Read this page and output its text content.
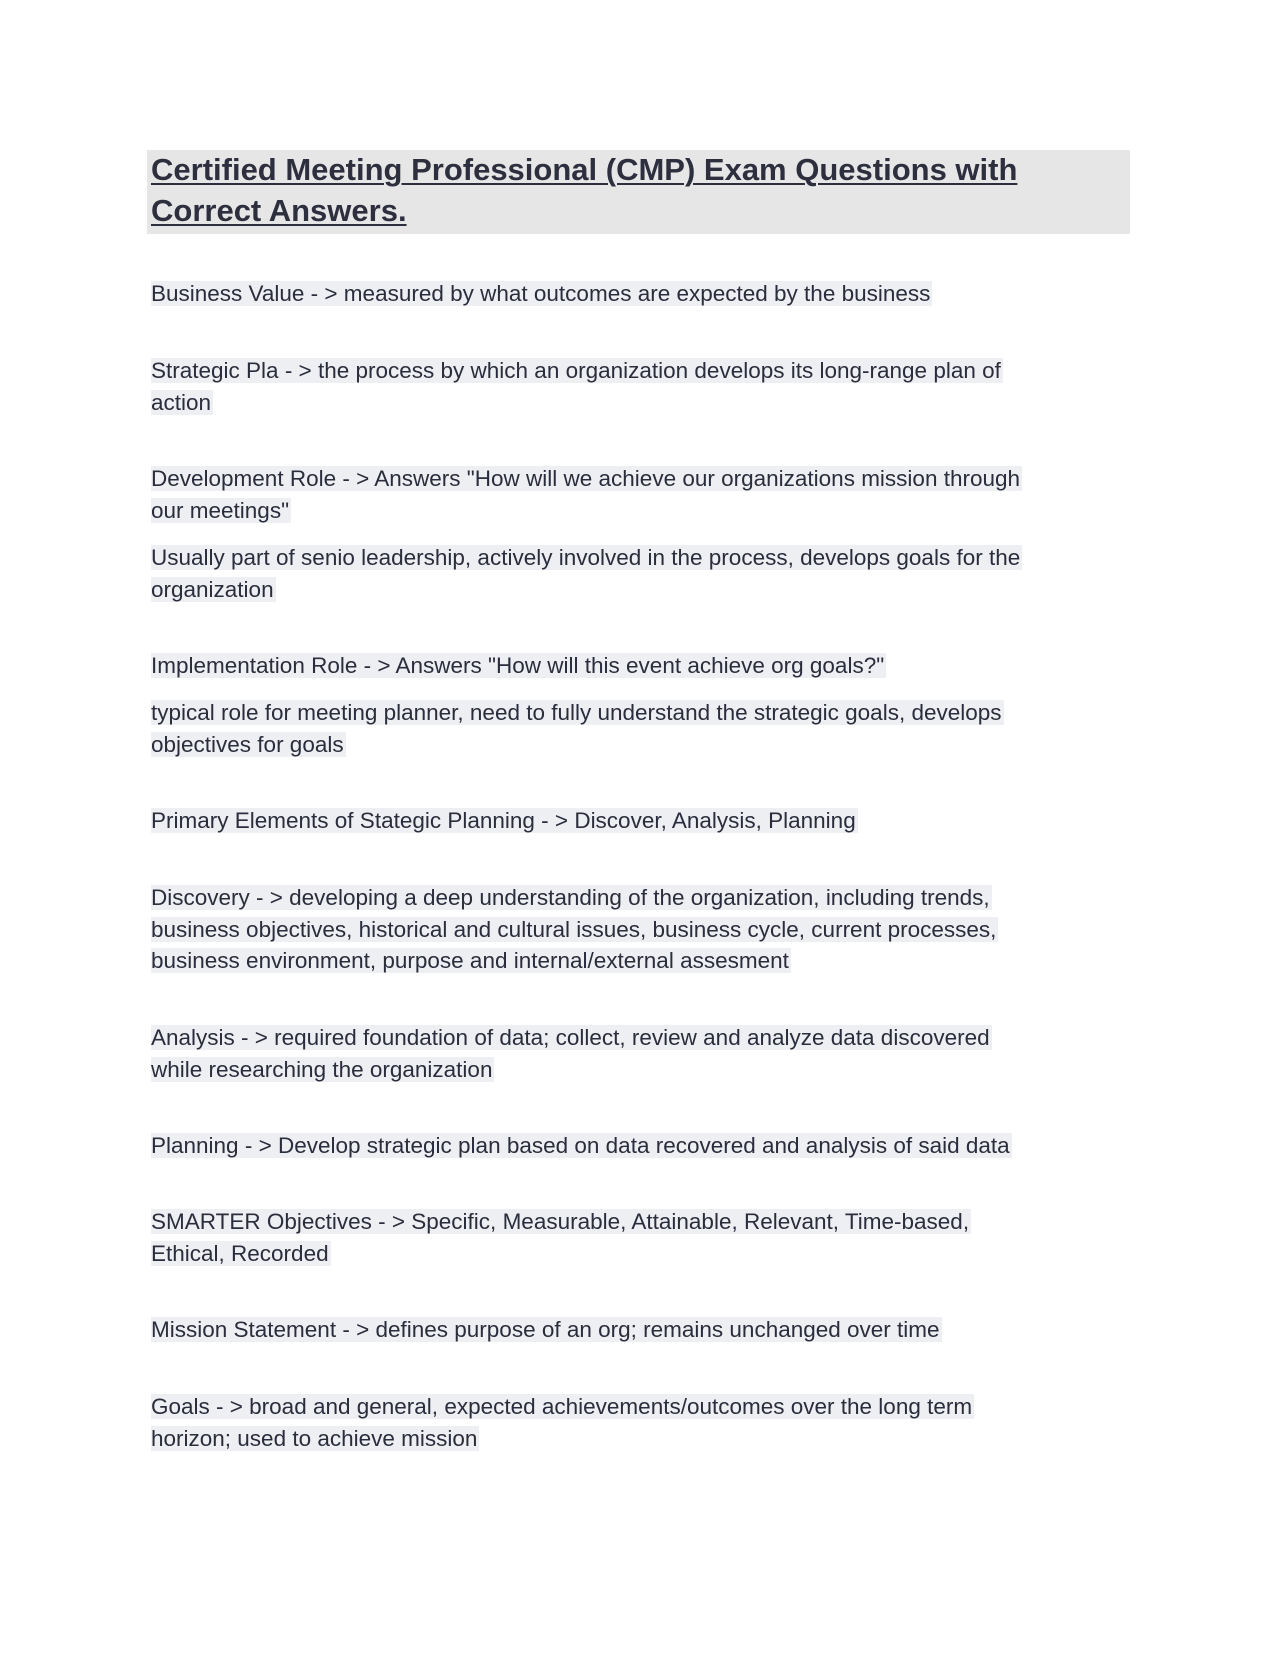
Certified Meeting Professional (CMP) Exam Questions with
Correct Answers.
Business Value - > measured by what outcomes are expected by the business
Strategic Pla - > the process by which an organization develops its long-range plan of
action
Development Role - > Answers "How will we achieve our organizations mission through
our meetings"
Usually part of senio leadership, actively involved in the process, develops goals for the
organization
Implementation Role - > Answers "How will this event achieve org goals?"
typical role for meeting planner, need to fully understand the strategic goals, develops
objectives for goals
Primary Elements of Stategic Planning - > Discover, Analysis, Planning
Discovery - > developing a deep understanding of the organization, including trends,
business objectives, historical and cultural issues, business cycle, current processes,
business environment, purpose and internal/external assesment
Analysis - > required foundation of data; collect, review and analyze data discovered
while researching the organization
Planning - > Develop strategic plan based on data recovered and analysis of said data
SMARTER Objectives - > Specific, Measurable, Attainable, Relevant, Time-based,
Ethical, Recorded
Mission Statement - > defines purpose of an org; remains unchanged over time
Goals - > broad and general, expected achievements/outcomes over the long term
horizon; used to achieve mission
